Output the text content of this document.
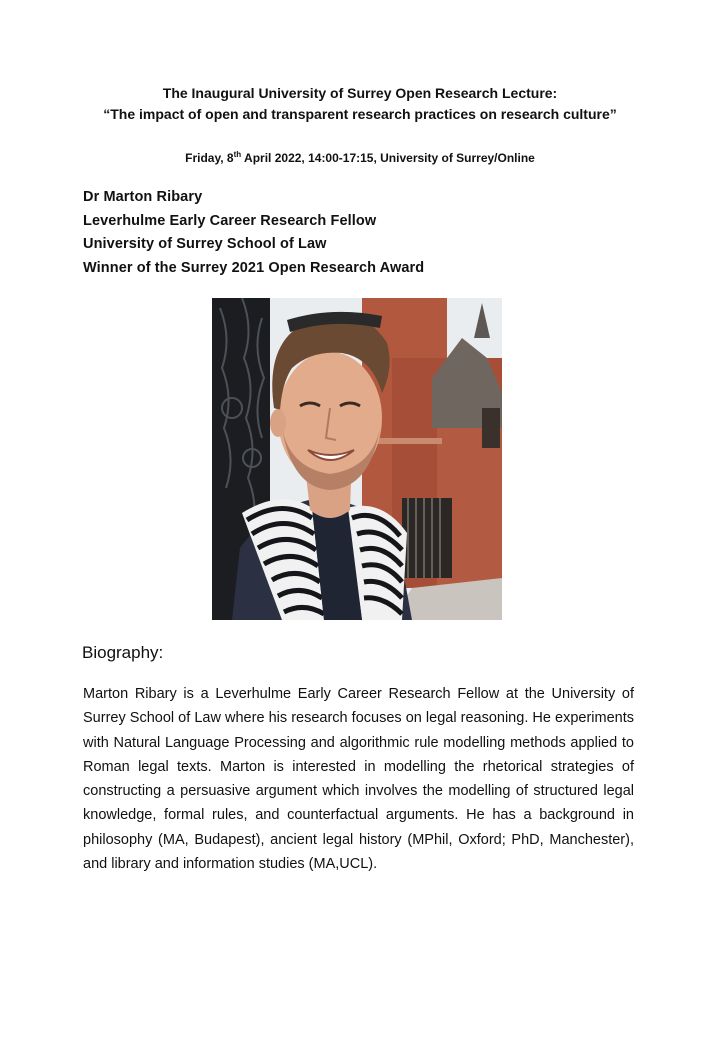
The Inaugural University of Surrey Open Research Lecture:

“The impact of open and transparent research practices on research culture”

Friday, 8th April 2022, 14:00-17:15, University of Surrey/Online

Dr Marton Ribary

Leverhulme Early Career Research Fellow

University of Surrey School of Law

Winner of the Surrey 2021 Open Research Award

Biography:

Marton Ribary is a Leverhulme Early Career Research Fellow at the University of Surrey School of Law where his research focuses on legal reasoning. He experiments with Natural Language Processing and algorithmic rule modelling methods applied to Roman legal texts. Marton is interested in modelling the rhetorical strategies of constructing a persuasive argument which involves the modelling of structured legal knowledge, formal rules, and counterfactual arguments. He has a background in philosophy (MA, Budapest), ancient legal history (MPhil, Oxford; PhD, Manchester), and library and information studies (MA,UCL).
